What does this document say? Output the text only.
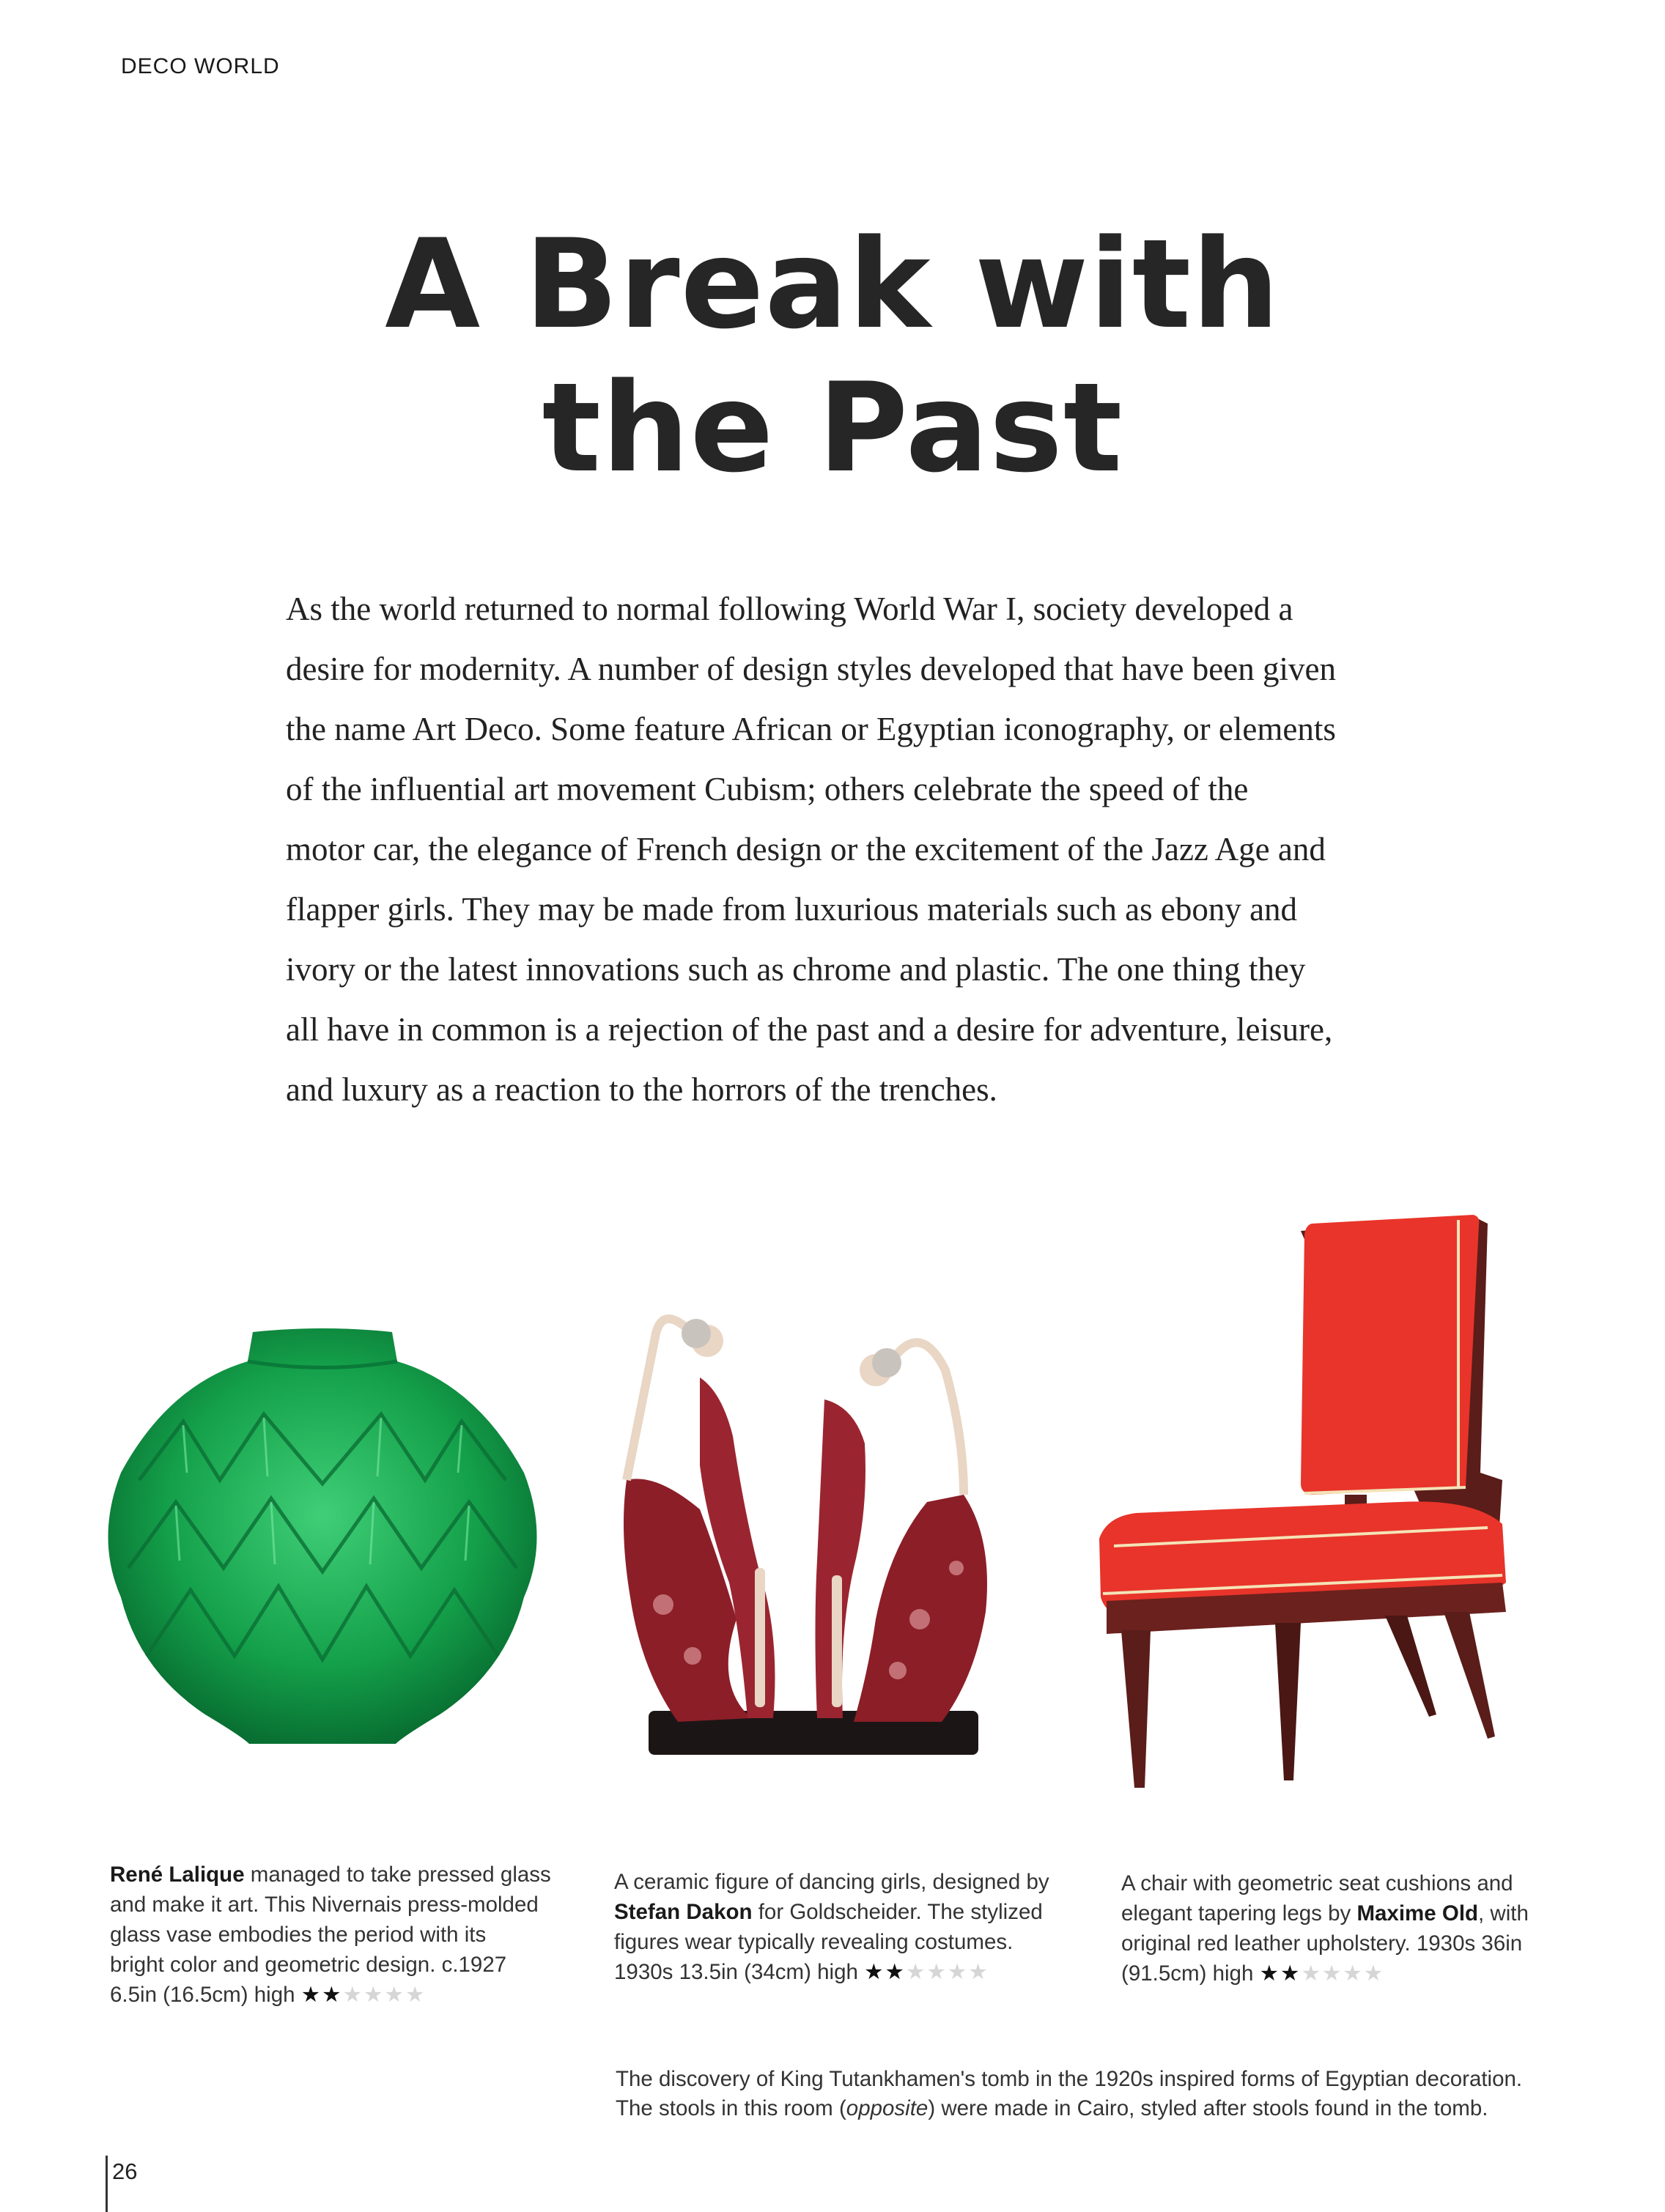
DECO WORLD
A Break with
the Past
As the world returned to normal following World War I, society developed a
desire for modernity. A number of design styles developed that have been given
the name Art Deco. Some feature African or Egyptian iconography, or elements
of the influential art movement Cubism; others celebrate the speed of the
motor car, the elegance of French design or the excitement of the Jazz Age and
flapper girls. They may be made from luxurious materials such as ebony and
ivory or the latest innovations such as chrome and plastic. The one thing they
all have in common is a rejection of the past and a desire for adventure, leisure,
and luxury as a reaction to the horrors of the trenches.
René Lalique managed to take pressed glass
and make it art. This Nivernais press-molded
glass vase embodies the period with its
bright color and geometric design. c.1927
6.5in (16.5cm) high ★★★★★★
A ceramic figure of dancing girls, designed by
Stefan Dakon for Goldscheider. The stylized
figures wear typically revealing costumes.
1930s 13.5in (34cm) high ★★★★★★
A chair with geometric seat cushions and
elegant tapering legs by Maxime Old, with
original red leather upholstery. 1930s 36in
(91.5cm) high ★★★★★★
The discovery of King Tutankhamen's tomb in the 1920s inspired forms of Egyptian decoration.
The stools in this room (opposite) were made in Cairo, styled after stools found in the tomb.
26
